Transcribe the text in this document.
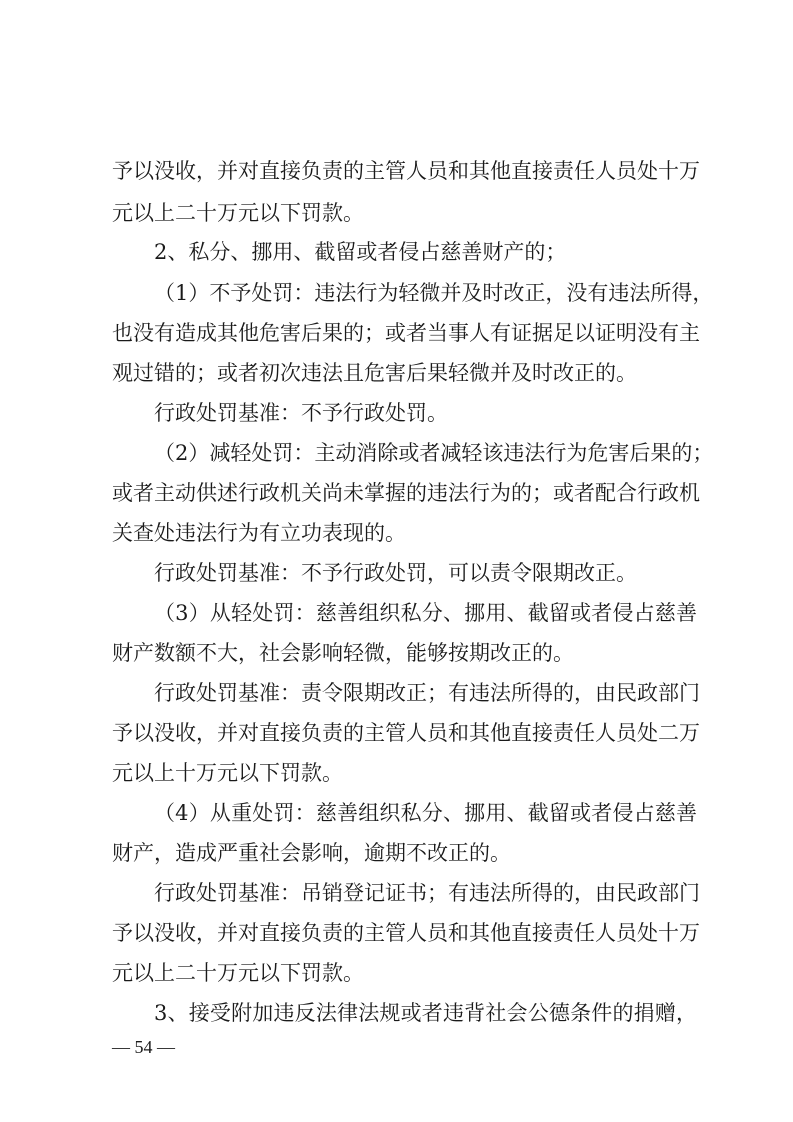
予以没收，并对直接负责的主管人员和其他直接责任人员处十万
元以上二十万元以下罚款。
2、私分、挪用、截留或者侵占慈善财产的；
（1）不予处罚：违法行为轻微并及时改正，没有违法所得，
也没有造成其他危害后果的；或者当事人有证据足以证明没有主
观过错的；或者初次违法且危害后果轻微并及时改正的。
行政处罚基准：不予行政处罚。
（2）减轻处罚：主动消除或者减轻该违法行为危害后果的；
或者主动供述行政机关尚未掌握的违法行为的；或者配合行政机
关查处违法行为有立功表现的。
行政处罚基准：不予行政处罚，可以责令限期改正。
（3）从轻处罚：慈善组织私分、挪用、截留或者侵占慈善
财产数额不大，社会影响轻微，能够按期改正的。
行政处罚基准：责令限期改正；有违法所得的，由民政部门
予以没收，并对直接负责的主管人员和其他直接责任人员处二万
元以上十万元以下罚款。
（4）从重处罚：慈善组织私分、挪用、截留或者侵占慈善
财产，造成严重社会影响，逾期不改正的。
行政处罚基准：吊销登记证书；有违法所得的，由民政部门
予以没收，并对直接负责的主管人员和其他直接责任人员处十万
元以上二十万元以下罚款。
3、接受附加违反法律法规或者违背社会公德条件的捐赠，
— 54 —
